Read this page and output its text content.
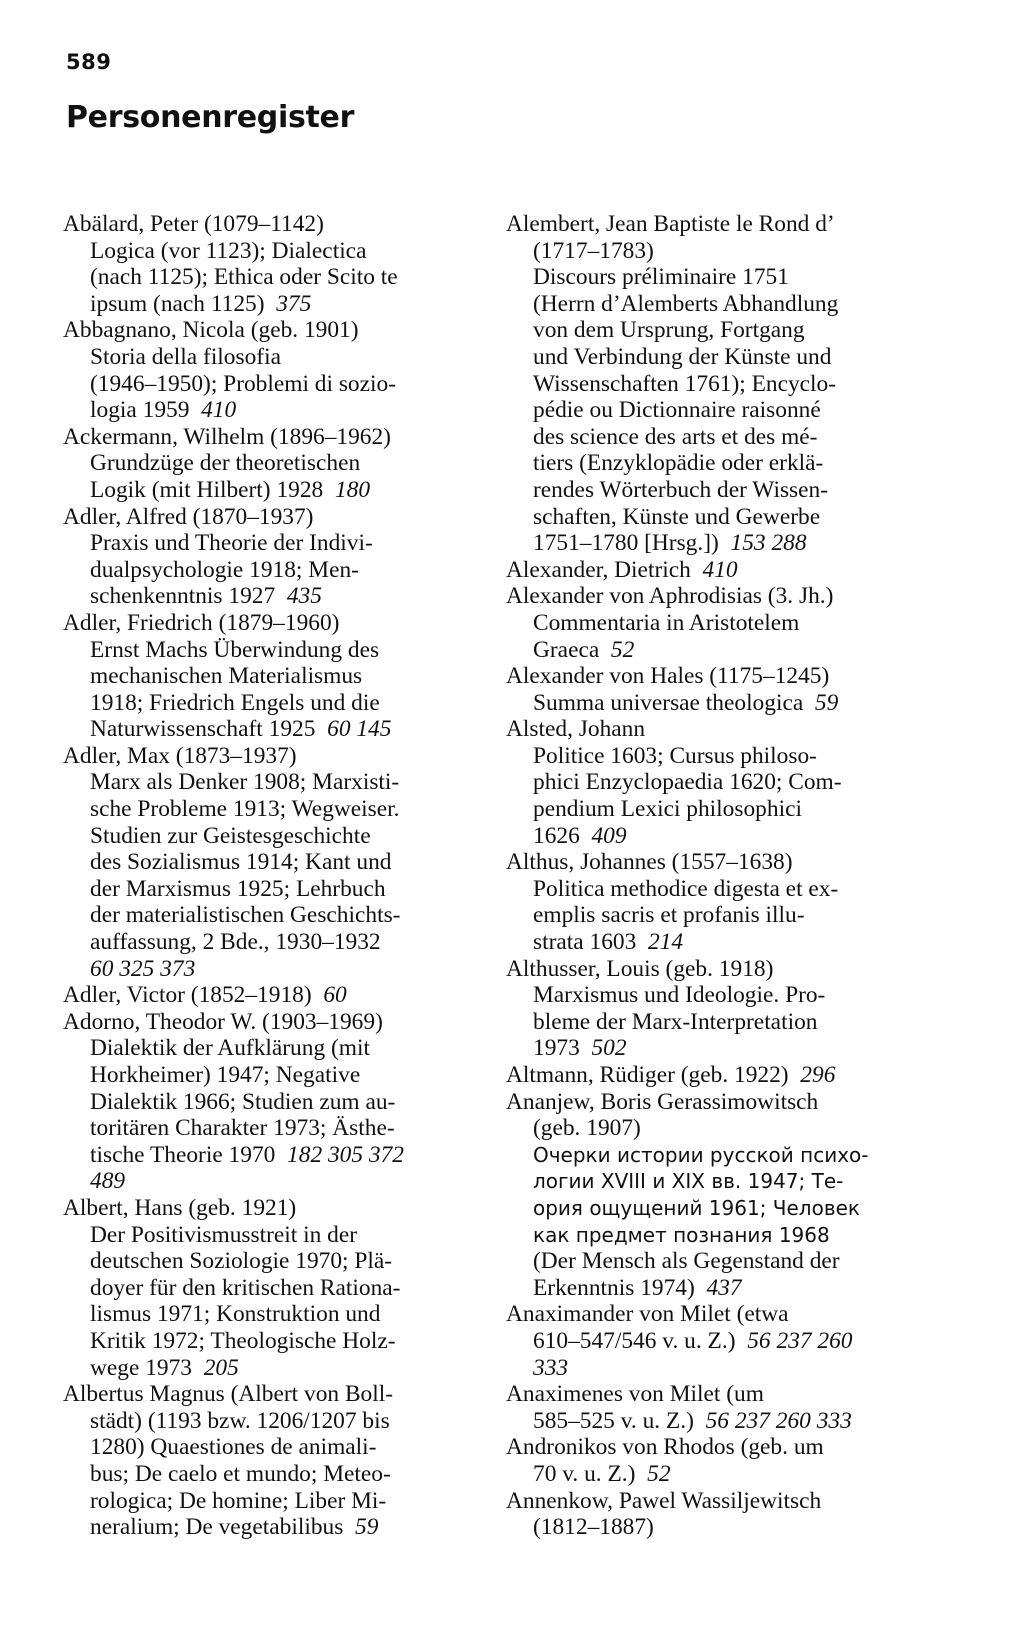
589
Personenregister
Abälard, Peter (1079–1142)
Logica (vor 1123); Dialectica
(nach 1125); Ethica oder Scito te
ipsum (nach 1125)  375
Abbagnano, Nicola (geb. 1901)
Storia della filosofia
(1946–1950); Problemi di sozio-
logia 1959  410
Ackermann, Wilhelm (1896–1962)
Grundzüge der theoretischen
Logik (mit Hilbert) 1928  180
Adler, Alfred (1870–1937)
Praxis und Theorie der Indivi-
dualpsychologie 1918; Men-
schenkenntnis 1927  435
Adler, Friedrich (1879–1960)
Ernst Machs Überwindung des
mechanischen Materialismus
1918; Friedrich Engels und die
Naturwissenschaft 1925  60 145
Adler, Max (1873–1937)
Marx als Denker 1908; Marxisti-
sche Probleme 1913; Wegweiser.
Studien zur Geistesgeschichte
des Sozialismus 1914; Kant und
der Marxismus 1925; Lehrbuch
der materialistischen Geschichts-
auffassung, 2 Bde., 1930–1932
60 325 373
Adler, Victor (1852–1918)  60
Adorno, Theodor W. (1903–1969)
Dialektik der Aufklärung (mit
Horkheimer) 1947; Negative
Dialektik 1966; Studien zum au-
toritären Charakter 1973; Ästhe-
tische Theorie 1970  182 305 372
489
Albert, Hans (geb. 1921)
Der Positivismusstreit in der
deutschen Soziologie 1970; Plä-
doyer für den kritischen Rationa-
lismus 1971; Konstruktion und
Kritik 1972; Theologische Holz-
wege 1973  205
Albertus Magnus (Albert von Boll-
städt) (1193 bzw. 1206/1207 bis
1280) Quaestiones de animali-
bus; De caelo et mundo; Meteo-
rologica; De homine; Liber Mi-
neralium; De vegetabilibus  59
Alembert, Jean Baptiste le Rond d’
(1717–1783)
Discours préliminaire 1751
(Herrn d’Alemberts Abhandlung
von dem Ursprung, Fortgang
und Verbindung der Künste und
Wissenschaften 1761); Encyclo-
pédie ou Dictionnaire raisonné
des science des arts et des mé-
tiers (Enzyklopädie oder erklä-
rendes Wörterbuch der Wissen-
schaften, Künste und Gewerbe
1751–1780 [Hrsg.])  153 288
Alexander, Dietrich  410
Alexander von Aphrodisias (3. Jh.)
Commentaria in Aristotelem
Graeca  52
Alexander von Hales (1175–1245)
Summa universae theologica  59
Alsted, Johann
Politice 1603; Cursus philoso-
phici Enzyclopaedia 1620; Com-
pendium Lexici philosophici
1626  409
Althus, Johannes (1557–1638)
Politica methodice digesta et ex-
emplis sacris et profanis illu-
strata 1603  214
Althusser, Louis (geb. 1918)
Marxismus und Ideologie. Pro-
bleme der Marx-Interpretation
1973  502
Altmann, Rüdiger (geb. 1922)  296
Ananjew, Boris Gerassimowitsch
(geb. 1907)
Очерки истории русской психо-
логии XVIII и XIX вв. 1947; Те-
ория ощущений 1961; Человек
как предмет познания 1968
(Der Mensch als Gegenstand der
Erkenntnis 1974)  437
Anaximander von Milet (etwa
610–547/546 v. u. Z.)  56 237 260
333
Anaximenes von Milet (um
585–525 v. u. Z.)  56 237 260 333
Andronikos von Rhodos (geb. um
70 v. u. Z.)  52
Annenkow, Pawel Wassiljewitsch
(1812–1887)
